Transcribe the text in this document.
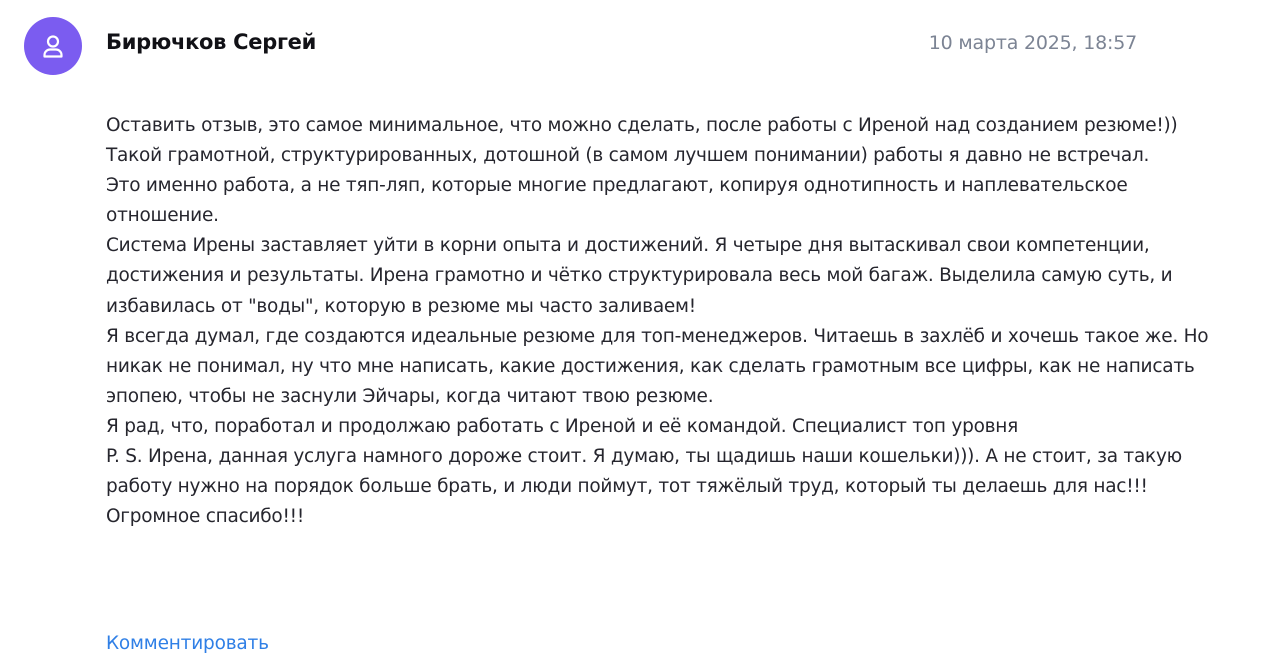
Бирючков Сергей	10 марта 2025, 18:57

Оставить отзыв, это самое минимальное, что можно сделать, после работы с Иреной над созданием резюме!))

Такой грамотной, структурированных, дотошной (в самом лучшем понимании) работы я давно не встречал.

Это именно работа, а не тяп-ляп, которые многие предлагают, копируя однотипность и наплевательское отношение.

Система Ирены заставляет уйти в корни опыта и достижений. Я четыре дня вытаскивал свои компетенции, достижения и результаты. Ирена грамотно и чётко структурировала весь мой багаж. Выделила самую суть, и избавилась от "воды", которую в резюме мы часто заливаем!

Я всегда думал, где создаются идеальные резюме для топ-менеджеров. Читаешь в захлёб и хочешь такое же. Но никак не понимал, ну что мне написать, какие достижения, как сделать грамотным все цифры, как не написать эпопею, чтобы не заснули Эйчары, когда читают твою резюме.

Я рад, что, поработал и продолжаю работать с Иреной и её командой. Специалист топ уровня

P. S. Ирена, данная услуга намного дороже стоит. Я думаю, ты щадишь наши кошельки))). А не стоит, за такую работу нужно на порядок больше брать, и люди поймут, тот тяжёлый труд, который ты делаешь для нас!!!

Огромное спасибо!!!

Комментировать
